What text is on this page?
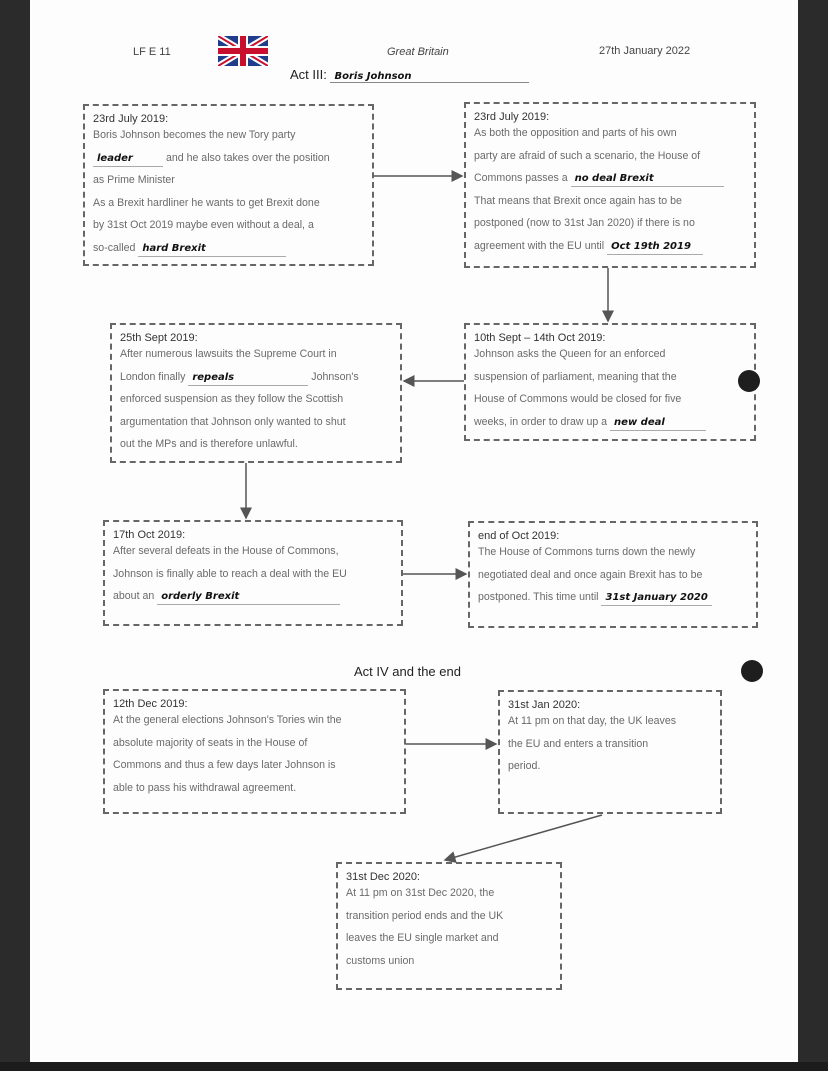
LF E 11	Great Britain	27th January 2022
Act III: Boris Johnson
23rd July 2019:
Boris Johnson becomes the new Tory party
leader	and he also takes over the position
as Prime Minister
As a Brexit hardliner he wants to get Brexit done
by 31st Oct 2019 maybe even without a deal, a
so-called hard Brexit
23rd July 2019:
As both the opposition and parts of his own
party are afraid of such a scenario, the House of
Commons passes a no deal Brexit
That means that Brexit once again has to be
postponed (now to 31st Jan 2020) if there is no
agreement with the EU until Oct 19th 2019
10th Sept – 14th Oct 2019:
Johnson asks the Queen for an enforced
suspension of parliament, meaning that the
House of Commons would be closed for five
weeks, in order to draw up a new deal
25th Sept 2019:
After numerous lawsuits the Supreme Court in
London finally repeals	Johnson's
enforced suspension as they follow the Scottish
argumentation that Johnson only wanted to shut
out the MPs and is therefore unlawful.
17th Oct 2019:
After several defeats in the House of Commons,
Johnson is finally able to reach a deal with the EU
about an orderly Brexit
end of Oct 2019:
The House of Commons turns down the newly
negotiated deal and once again Brexit has to be
postponed. This time until 31st January 2020
Act IV and the end
12th Dec 2019:
At the general elections Johnson's Tories win the
absolute majority of seats in the House of
Commons and thus a few days later Johnson is
able to pass his withdrawal agreement.
31st Jan 2020:
At 11 pm on that day, the UK leaves
the EU and enters a transition
period.
31st Dec 2020:
At 11 pm on 31st Dec 2020, the
transition period ends and the UK
leaves the EU single market and
customs union
